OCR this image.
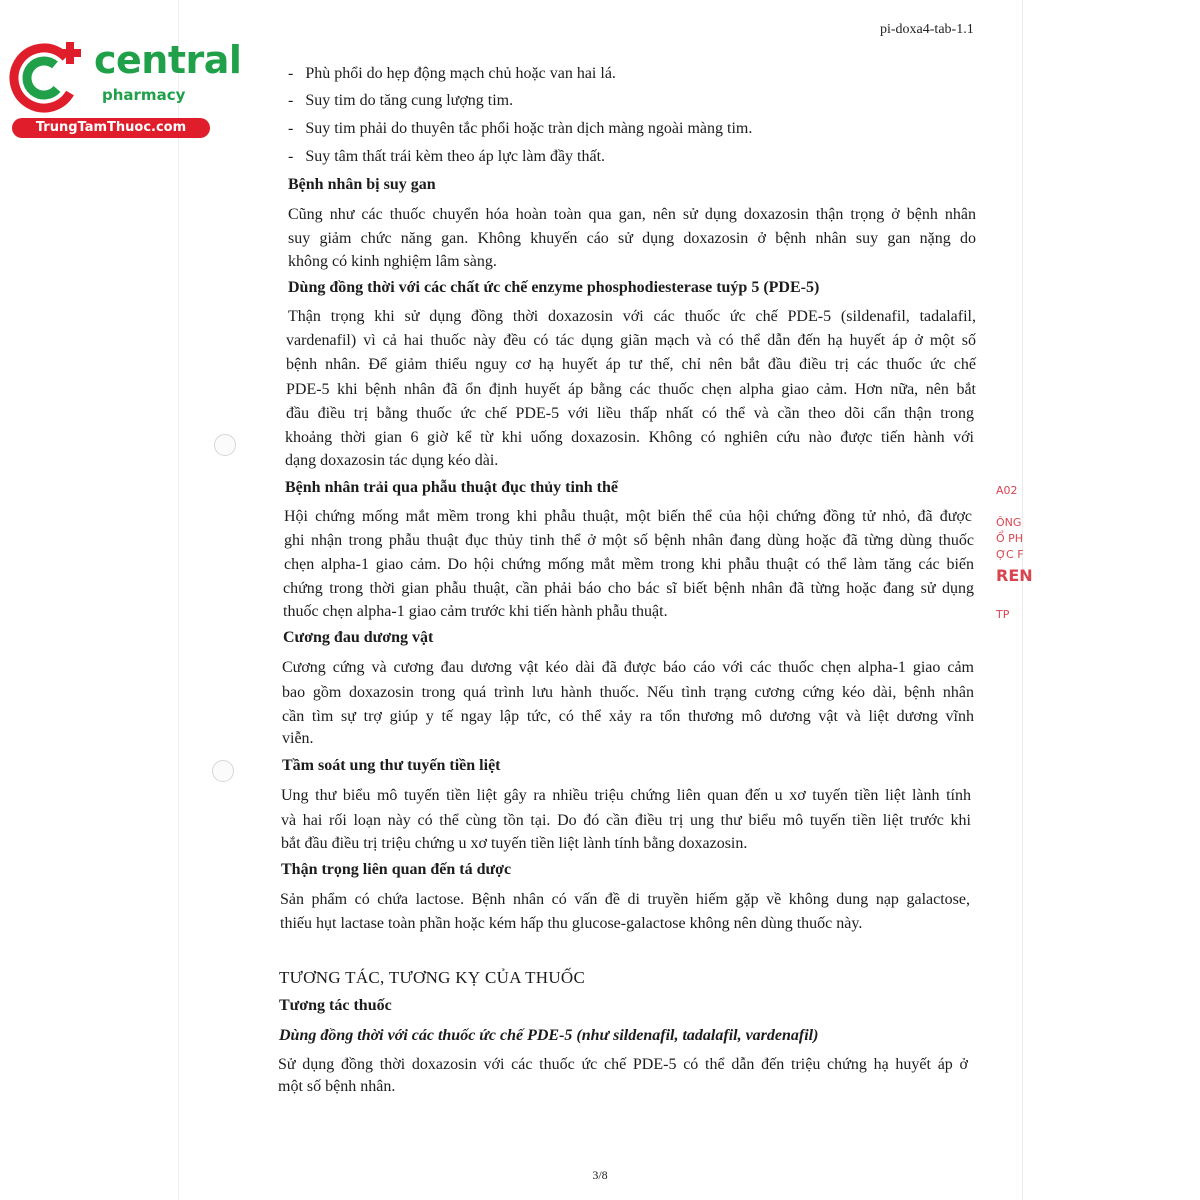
pi-doxa4-tab-1.1
central
pharmacy
TrungTamThuoc.com
A02
ÔNG
Ổ PH
ỢC F
REN
TP
-   Phù phổi do hẹp động mạch chủ hoặc van hai lá.
-   Suy tim do tăng cung lượng tim.
-   Suy tim phải do thuyên tắc phổi hoặc tràn dịch màng ngoài màng tim.
-   Suy tâm thất trái kèm theo áp lực làm đầy thất.
Bệnh nhân bị suy gan
Cũng như các thuốc chuyển hóa hoàn toàn qua gan, nên sử dụng doxazosin thận trọng ở bệnh nhân
suy giảm chức năng gan. Không khuyến cáo sử dụng doxazosin ở bệnh nhân suy gan nặng do
không có kinh nghiệm lâm sàng.
Dùng đồng thời với các chất ức chế enzyme phosphodiesterase tuýp 5 (PDE-5)
Thận trọng khi sử dụng đồng thời doxazosin với các thuốc ức chế PDE-5 (sildenafil, tadalafil,
vardenafil) vì cả hai thuốc này đều có tác dụng giãn mạch và có thể dẫn đến hạ huyết áp ở một số
bệnh nhân. Để giảm thiểu nguy cơ hạ huyết áp tư thế, chỉ nên bắt đầu điều trị các thuốc ức chế
PDE-5 khi bệnh nhân đã ổn định huyết áp bằng các thuốc chẹn alpha giao cảm. Hơn nữa, nên bắt
đầu điều trị bằng thuốc ức chế PDE-5 với liều thấp nhất có thể và cần theo dõi cẩn thận trong
khoảng thời gian 6 giờ kể từ khi uống doxazosin. Không có nghiên cứu nào được tiến hành với
dạng doxazosin tác dụng kéo dài.
Bệnh nhân trải qua phẫu thuật đục thủy tinh thể
Hội chứng mống mắt mềm trong khi phẫu thuật, một biến thể của hội chứng đồng tử nhỏ, đã được
ghi nhận trong phẫu thuật đục thủy tinh thể ở một số bệnh nhân đang dùng hoặc đã từng dùng thuốc
chẹn alpha-1 giao cảm. Do hội chứng mống mắt mềm trong khi phẫu thuật có thể làm tăng các biến
chứng trong thời gian phẫu thuật, cần phải báo cho bác sĩ biết bệnh nhân đã từng hoặc đang sử dụng
thuốc chẹn alpha-1 giao cảm trước khi tiến hành phẫu thuật.
Cương đau dương vật
Cương cứng và cương đau dương vật kéo dài đã được báo cáo với các thuốc chẹn alpha-1 giao cảm
bao gồm doxazosin trong quá trình lưu hành thuốc. Nếu tình trạng cương cứng kéo dài, bệnh nhân
cần tìm sự trợ giúp y tế ngay lập tức, có thể xảy ra tổn thương mô dương vật và liệt dương vĩnh
viễn.
Tầm soát ung thư tuyến tiền liệt
Ung thư biểu mô tuyến tiền liệt gây ra nhiều triệu chứng liên quan đến u xơ tuyến tiền liệt lành tính
và hai rối loạn này có thể cùng tồn tại. Do đó cần điều trị ung thư biểu mô tuyến tiền liệt trước khi
bắt đầu điều trị triệu chứng u xơ tuyến tiền liệt lành tính bằng doxazosin.
Thận trọng liên quan đến tá dược
Sản phẩm có chứa lactose. Bệnh nhân có vấn đề di truyền hiếm gặp về không dung nạp galactose,
thiếu hụt lactase toàn phần hoặc kém hấp thu glucose-galactose không nên dùng thuốc này.
TƯƠNG TÁC, TƯƠNG KỴ CỦA THUỐC
Tương tác thuốc
Dùng đồng thời với các thuốc ức chế PDE-5 (như sildenafil, tadalafil, vardenafil)
Sử dụng đồng thời doxazosin với các thuốc ức chế PDE-5 có thể dẫn đến triệu chứng hạ huyết áp ở
một số bệnh nhân.
3/8
